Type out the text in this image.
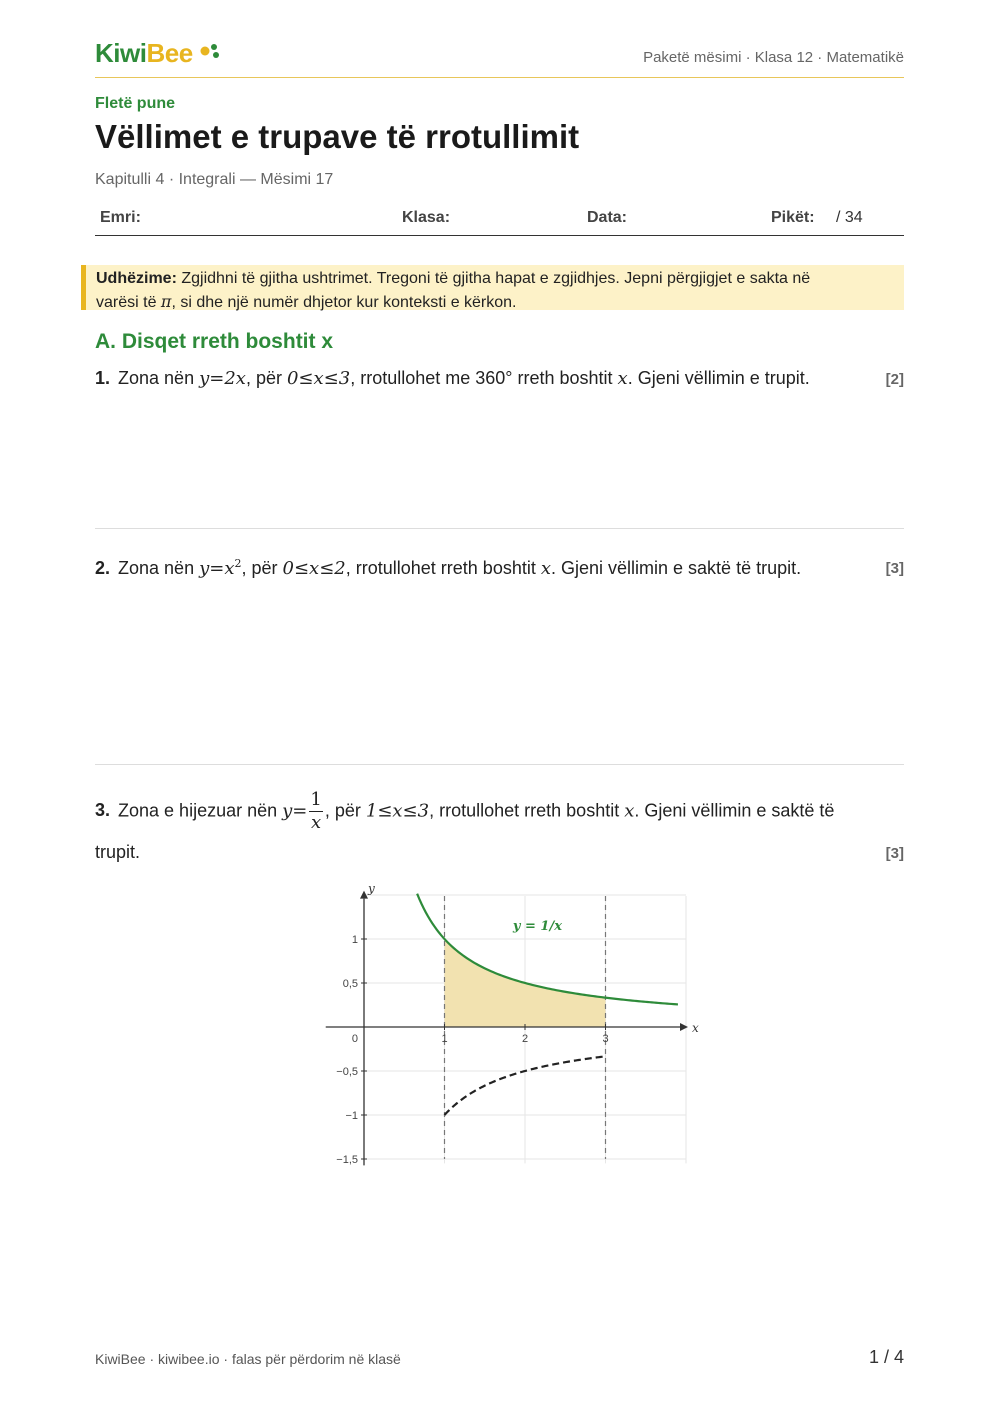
KiwiBee	Paketë mësimi · Klasa 12 · Matematikë
Fletë pune
Vëllimet e trupave të rrotullimit
Kapitulli 4 · Integrali — Mësimi 17
Emri:	Klasa:	Data:	Pikët: / 34
Udhëzime: Zgjidhni të gjitha ushtrimet. Tregoni të gjitha hapat e zgjidhjes. Jepni përgjigjet e sakta në
varësi të π, si dhe një numër dhjetor kur konteksti e kërkon.
A. Disqet rreth boshtit x
1. Zona nën y=2x, për 0≤x≤3, rrotullohet me 360° rreth boshtit x. Gjeni vëllimin e trupit.	[2]
2. Zona nën $y=x^2$, për 0≤x≤2, rrotullohet rreth boshtit x. Gjeni vëllimin e saktë të trupit.	[3]
3. Zona e hijezuar nën $y= \frac{1}{x}$ , për 1≤x≤3, rrotullohet rreth boshtit x. Gjeni vëllimin e saktë të
trupit.	[3]
x
y
1	2	3
1
0,5
−0,5
−1
−1,5
0
y = 1/x
KiwiBee · kiwibee.io · falas për përdorim në klasë	1 / 4
